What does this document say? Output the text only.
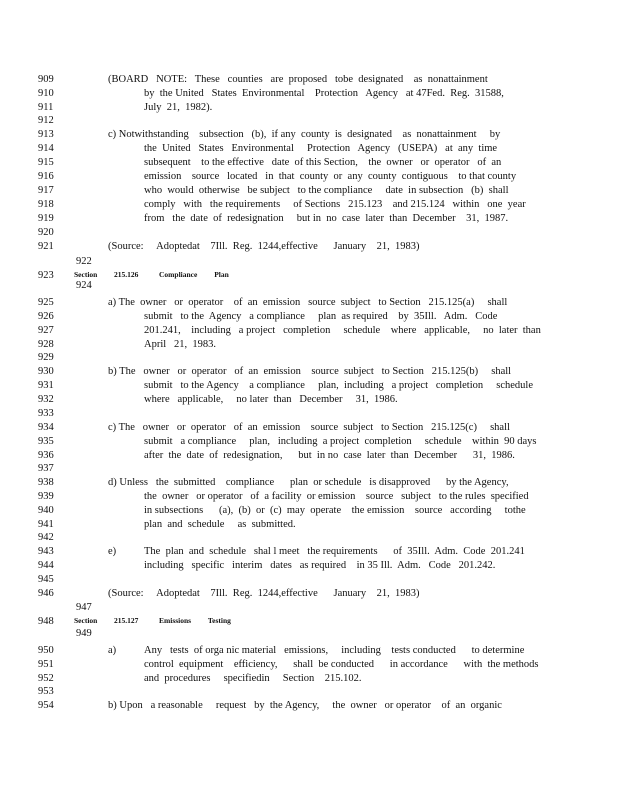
922
Section 215.126	Compliance         Plan
924
947
Section 215.127	Emissions         Testing
949
The  plan  and  schedule   shal l meet   the requirements      of  35Ill.  Adm.  Code  201.241
including   specific   interim   dates   as required    in 35 Ill.  Adm.   Code   201.242.
Any   tests  of orga nic material   emissions,     including    tests conducted      to determine
control  equipment    efficiency,      shall  be conducted      in accordance      with  the methods
and  procedures     specifiedin     Section    215.102.
909	(BOARD   NOTE:   These   counties   are  proposed   tobe  designated    as  nonattainment
910	by  the United   States  Environmental    Protection   Agency   at 47Fed.  Reg.  31588,
911	July  21,  1982).
912
913	c) Notwithstanding    subsection   (b),  if any  county  is  designated    as  nonattainment     by
914	the  United   States   Environmental     Protection   Agency   (USEPA)   at  any  time
915	subsequent    to the effective   date  of this Section,    the  owner   or  operator   of  an
916	emission    source   located   in  that  county  or  any  county  contiguous    to that county
917	who  would  otherwise   be subject   to the compliance     date  in subsection   (b)  shall
918	comply   with   the requirements     of Sections   215.123    and 215.124   within   one  year
919	from   the  date  of  redesignation     but in  no  case  later  than  December    31,  1987.
920
921	(Source:     Adoptedat    7Ill.  Reg.  1244,effective      January    21,  1983)
923
925	a) The  owner   or  operator    of  an  emission   source  subject   to Section   215.125(a)     shall
926	submit   to the  Agency   a compliance     plan  as required    by  35Ill.   Adm.   Code
927	201.241,    including   a project   completion     schedule    where   applicable,     no  later  than
928	April   21,  1983.
929
930	b) The   owner   or  operator   of  an  emission    source  subject   to Section   215.125(b)     shall
931	submit   to the Agency    a compliance     plan,  including   a project   completion     schedule
932	where   applicable,     no later  than   December     31,  1986.
933
934	c) The   owner   or  operator   of  an  emission    source  subject   to Section   215.125(c)     shall
935	submit   a compliance     plan,   including  a project  completion     schedule    within  90 days
936	after  the  date  of  redesignation,      but  in no  case  later  than  December      31,  1986.
937
938	d) Unless   the  submitted    compliance      plan  or schedule   is disapproved      by the Agency,
939	the  owner   or operator   of  a facility  or emission    source   subject   to the rules  specified
940	in subsections      (a),  (b)  or  (c)  may  operate    the emission    source   according     tothe
941	plan  and  schedule     as  submitted.
942
943	e)
944
945
946	(Source:     Adoptedat    7Ill.  Reg.  1244,effective      January    21,  1983)
948
950	a)
951
952
953
954	b) Upon   a reasonable     request   by  the Agency,     the  owner   or operator    of  an  organic
